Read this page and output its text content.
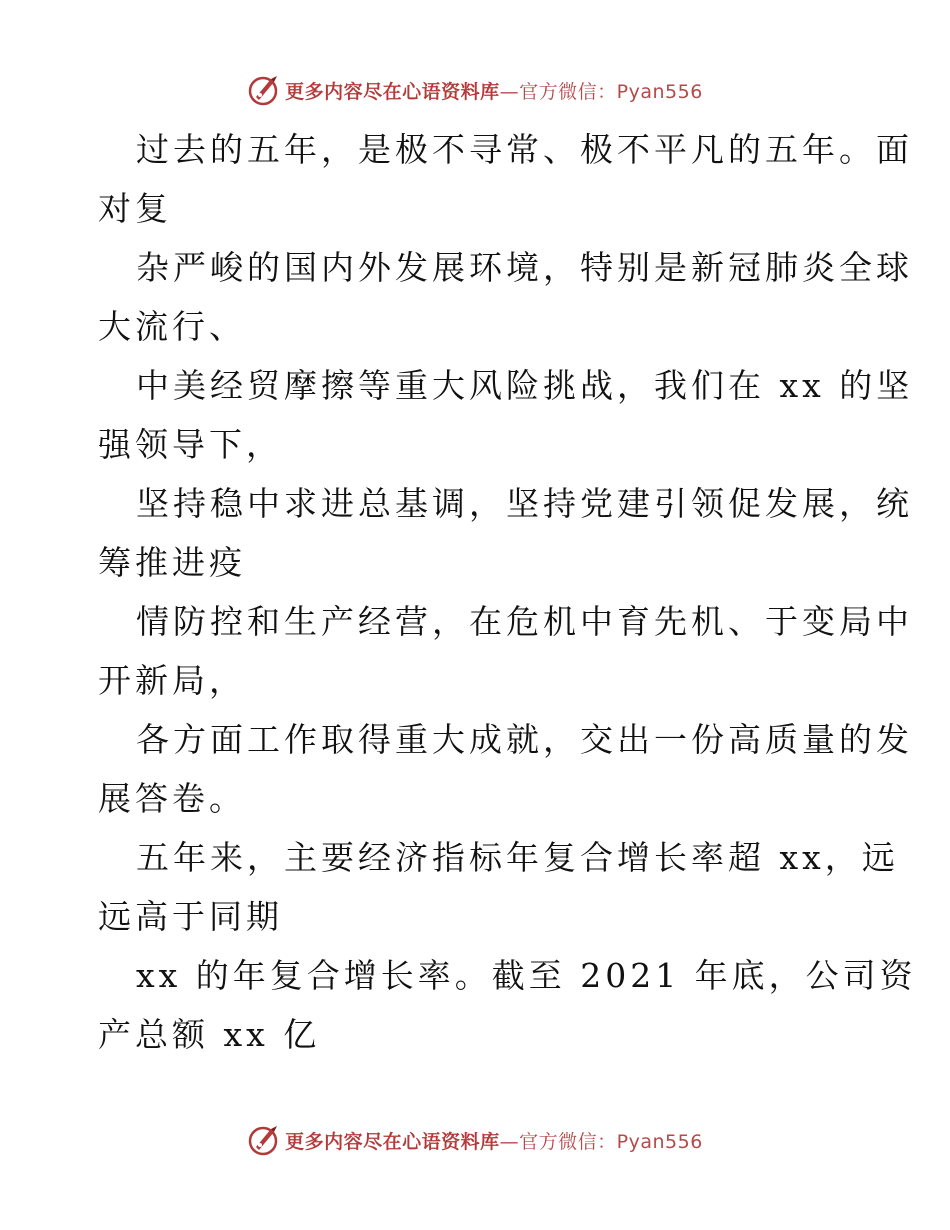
更多内容尽在心语资料库—官方微信：Pyan556
过去的五年，是极不寻常、极不平凡的五年。面
对复
杂严峻的国内外发展环境，特别是新冠肺炎全球
大流行、
中美经贸摩擦等重大风险挑战，我们在 xx 的坚
强领导下，
坚持稳中求进总基调，坚持党建引领促发展，统
筹推进疫
情防控和生产经营，在危机中育先机、于变局中
开新局，
各方面工作取得重大成就，交出一份高质量的发
展答卷。
五年来，主要经济指标年复合增长率超 xx，远
远高于同期
xx 的年复合增长率。截至 2021 年底，公司资
产总额 xx 亿
更多内容尽在心语资料库—官方微信：Pyan556
